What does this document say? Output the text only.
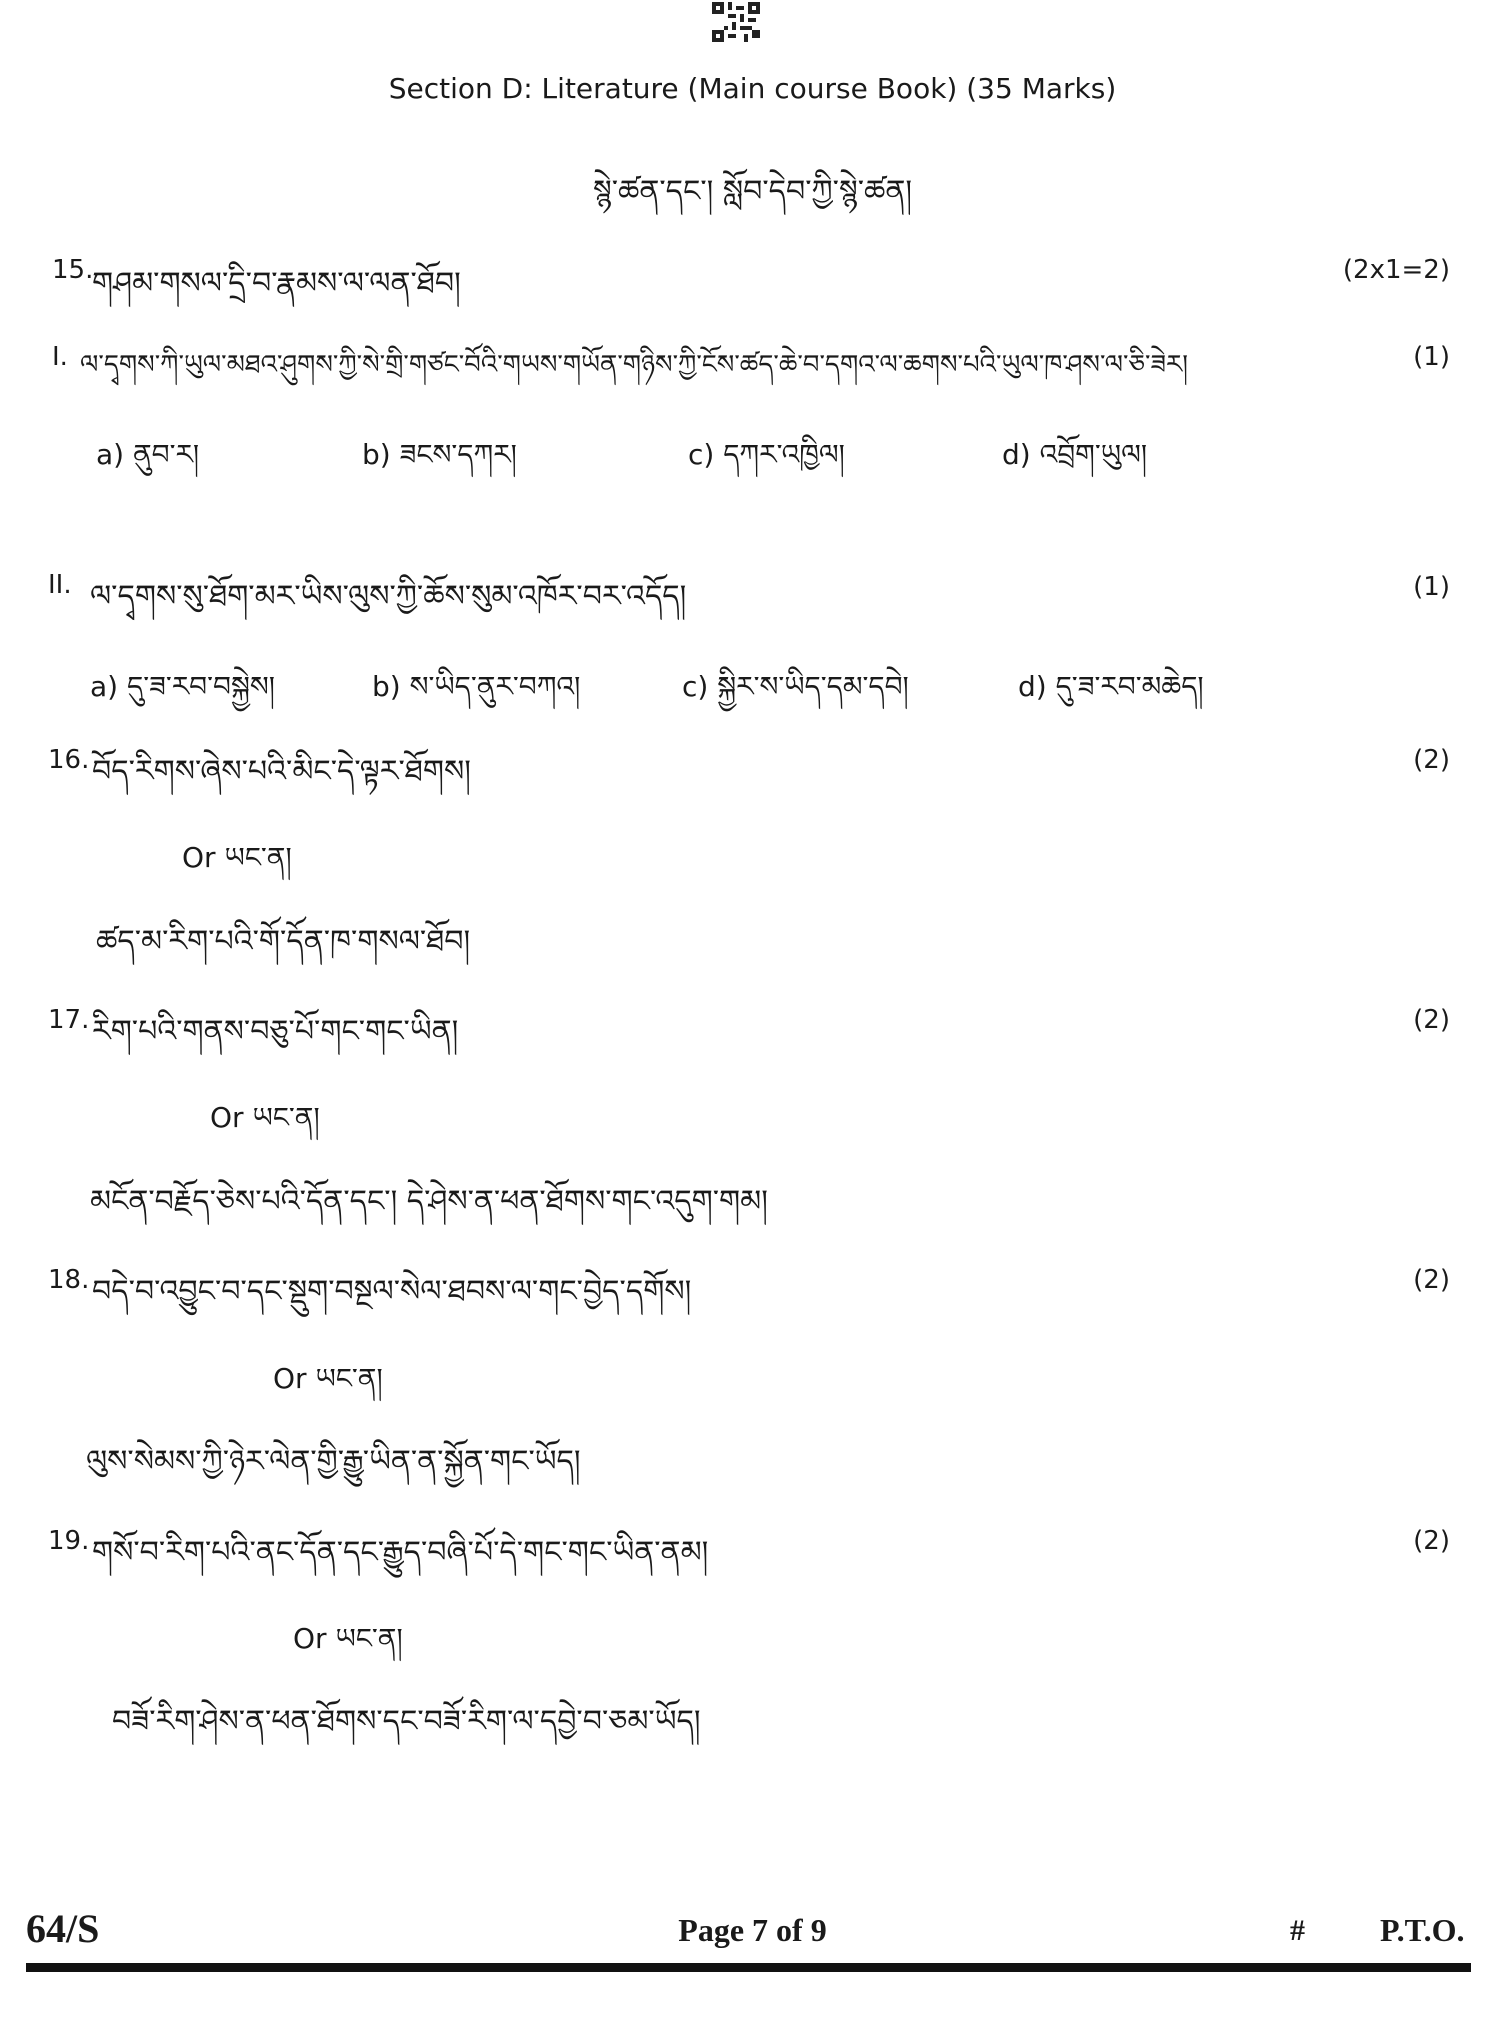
Section D: Literature (Main course Book) (35 Marks)
སྙེ་ཚན་དང་། སློབ་དེབ་ཀྱི་སྙེ་ཚན།
15.
གཤམ་གསལ་དྲི་བ་རྣམས་ལ་ལན་ཐོབ།	(2x1=2)
I. ལ་དྭགས་ཀི་ཡུལ་མཐའ་ཤུགས་ཀྱི་སེ་གྲི་གཙང་བོའི་གཡས་གཡོན་གཉིས་ཀྱི་ངོས་ཚད་ཆེ་བ་དགའ་ལ་ཆགས་པའི་ཡུལ་ཁ་ཤས་ལ་ཅི་ཟེར།	(1)
a) ནུབ་ར།	b) ཟངས་དཀར།	c) དཀར་འཁྱིལ།	d) འབྲོག་ཡུལ།
II. ལ་དྭགས་སུ་ཐོག་མར་ཡིས་ལུས་ཀྱི་ཆོས་སུམ་འཁོར་བར་འདོད།	(1)
a) དུ་ཟ་རབ་བསྐྱེས།	b) ས་ཡིད་ནུར་བཀའ།	c) སྐྱིར་ས་ཡིད་དམ་དབེ།	d) དུ་ཟ་རབ་མཆེད།
16. བོད་རིགས་ཞེས་པའི་མིང་དེ་ལྟར་ཐོགས།	(2)
Or ཡང་ན།
ཚད་མ་རིག་པའི་གོ་དོན་ཁ་གསལ་ཐོབ།
17. རིག་པའི་གནས་བཅུ་པོ་གང་གང་ཡིན།	(2)
Or ཡང་ན།
མངོན་བརྗོད་ཅེས་པའི་དོན་དང་། དེ་ཤེས་ན་ཕན་ཐོགས་གང་འདུག་གམ།
18. བདེ་བ་འབྱུང་བ་དང་སྡུག་བསྔལ་སེལ་ཐབས་ལ་གང་བྱེད་དགོས།	(2)
Or ཡང་ན།
ལུས་སེམས་ཀྱི་ཉེར་ལེན་གྱི་རྒྱུ་ཡིན་ན་སྐྱོན་གང་ཡོད།
19. གསོ་བ་རིག་པའི་ནང་དོན་དང་རྒྱུད་བཞི་པོ་དེ་གང་གང་ཡིན་ནམ།	(2)
Or ཡང་ན།
བཟོ་རིག་ཤེས་ན་ཕན་ཐོགས་དང་བཟོ་རིག་ལ་དབྱེ་བ་ཅམ་ཡོད།
64/S	Page 7 of 9	# P.T.O.
